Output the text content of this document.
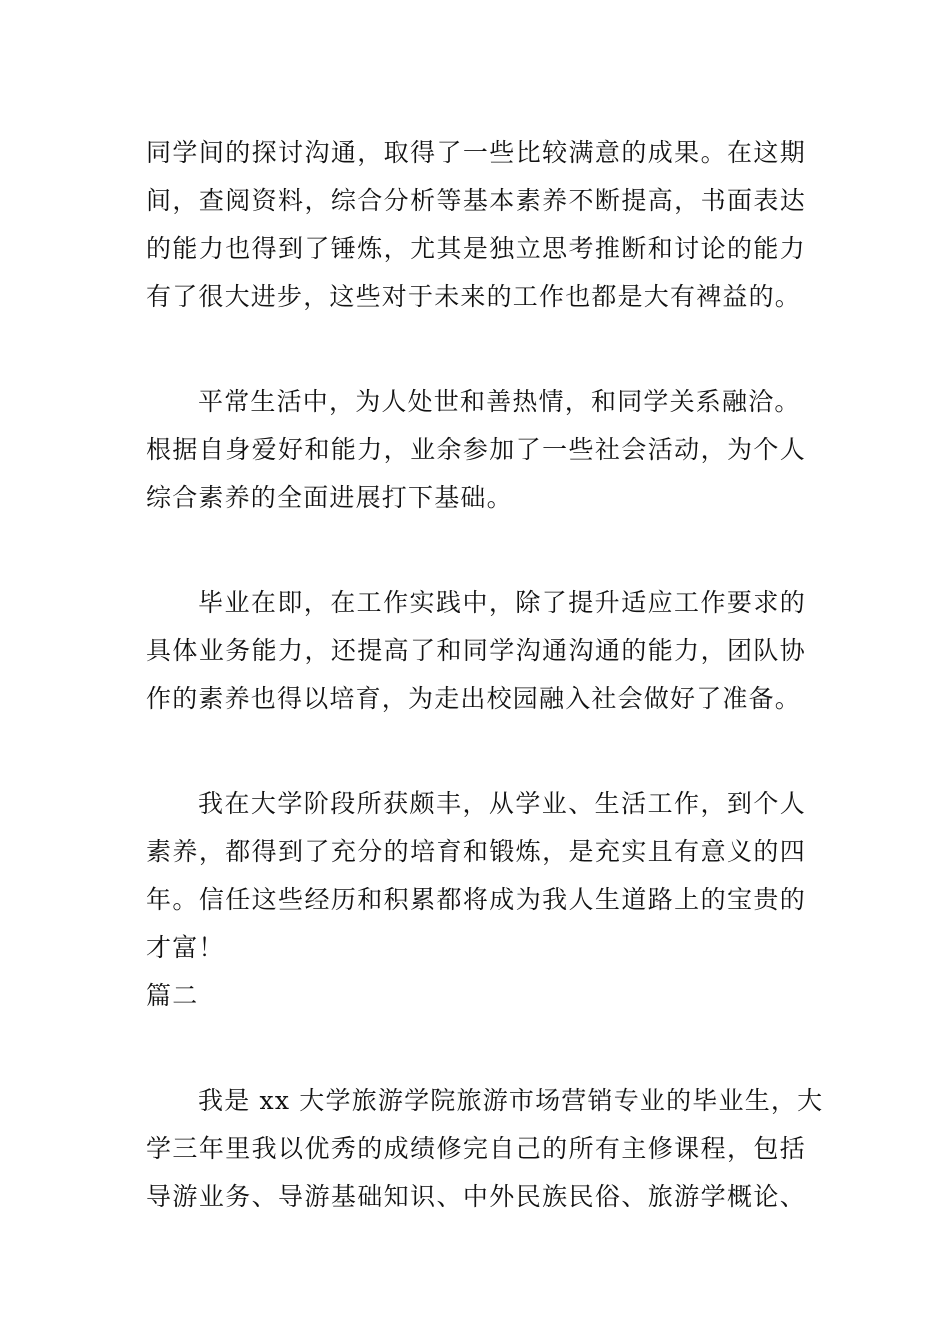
同学间的探讨沟通，取得了一些比较满意的成果。在这期
间，查阅资料，综合分析等基本素养不断提高，书面表达
的能力也得到了锤炼，尤其是独立思考推断和讨论的能力
有了很大进步，这些对于未来的工作也都是大有裨益的。
平常生活中，为人处世和善热情，和同学关系融洽。
根据自身爱好和能力，业余参加了一些社会活动，为个人
综合素养的全面进展打下基础。
毕业在即，在工作实践中，除了提升适应工作要求的
具体业务能力，还提高了和同学沟通沟通的能力，团队协
作的素养也得以培育，为走出校园融入社会做好了准备。
我在大学阶段所获颇丰，从学业、生活工作，到个人
素养，都得到了充分的培育和锻炼，是充实且有意义的四
年。信任这些经历和积累都将成为我人生道路上的宝贵的
才富！
篇二
我是 xx 大学旅游学院旅游市场营销专业的毕业生，大
学三年里我以优秀的成绩修完自己的所有主修课程，包括
导游业务、导游基础知识、中外民族民俗、旅游学概论、
